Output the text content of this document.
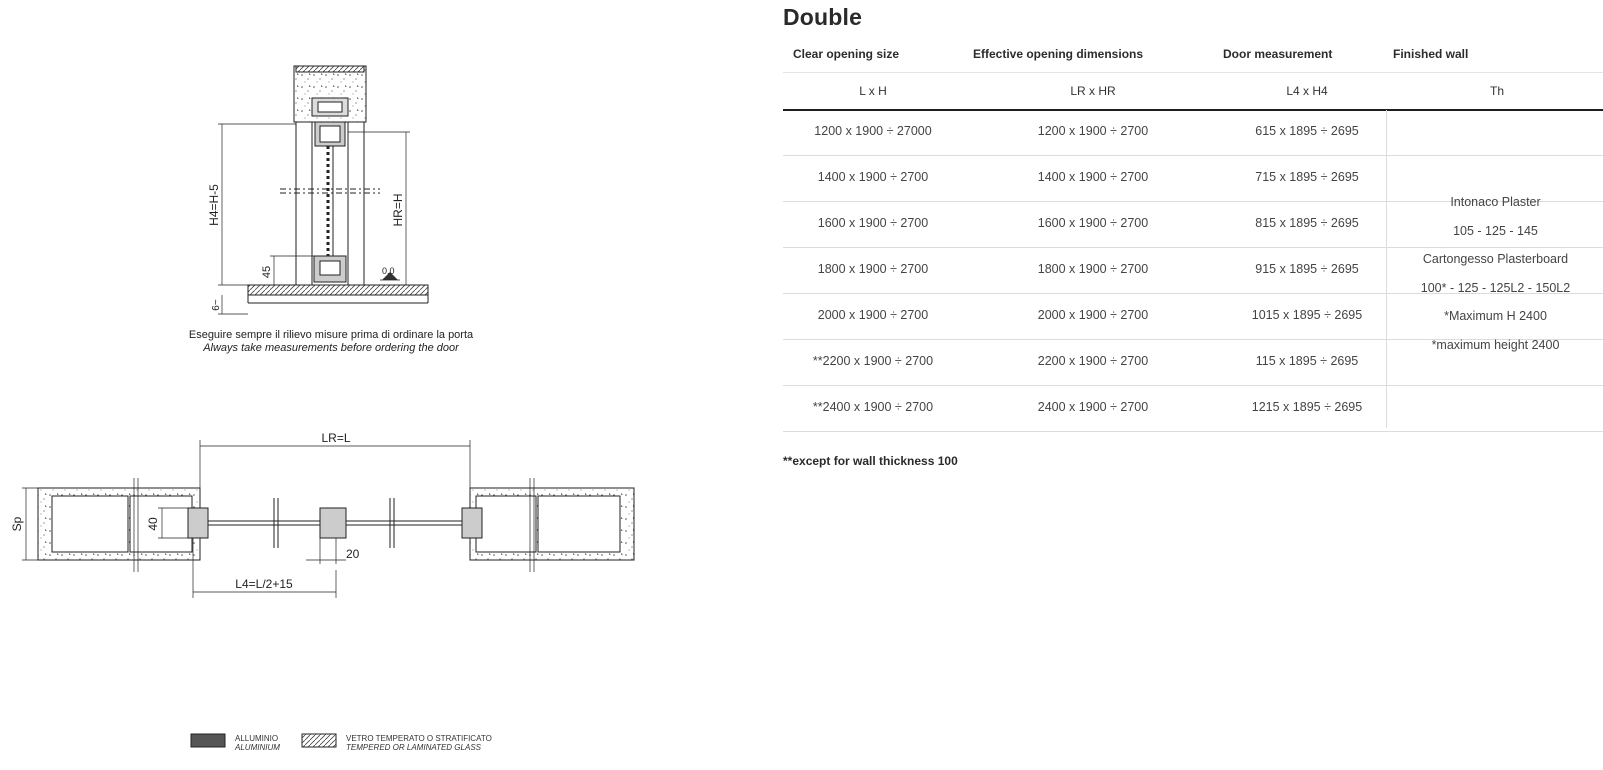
H4=H-5	HR=H
45
6~
0.0
Eseguire sempre il rilievo misure prima di ordinare la porta
Always take measurements before ordering the door
LR=L
Sp	40
20
L4=L/2+15
ALLUMINIO
ALUMINIUM
VETRO TEMPERATO O STRATIFICATO
TEMPERED OR LAMINATED GLASS
Double
Clear opening size	Effective opening dimensions	Door measurement	Finished wall
L x H	LR x HR	L4 x H4	Th
1200 x 1900 ÷ 27000	1200 x 1900 ÷ 2700	615 x 1895 ÷ 2695
1400 x 1900 ÷ 2700	1400 x 1900 ÷ 2700	715 x 1895 ÷ 2695
1600 x 1900 ÷ 2700	1600 x 1900 ÷ 2700	815 x 1895 ÷ 2695
1800 x 1900 ÷ 2700	1800 x 1900 ÷ 2700	915 x 1895 ÷ 2695
2000 x 1900 ÷ 2700	2000 x 1900 ÷ 2700	1015 x 1895 ÷ 2695
**2200 x 1900 ÷ 2700	2200 x 1900 ÷ 2700	115 x 1895 ÷ 2695
**2400 x 1900 ÷ 2700	2400 x 1900 ÷ 2700	1215 x 1895 ÷ 2695
Intonaco Plaster
105 - 125 - 145
Cartongesso Plasterboard
100* - 125 - 125L2 - 150L2
*Maximum H 2400
*maximum height 2400
**except for wall thickness 100
